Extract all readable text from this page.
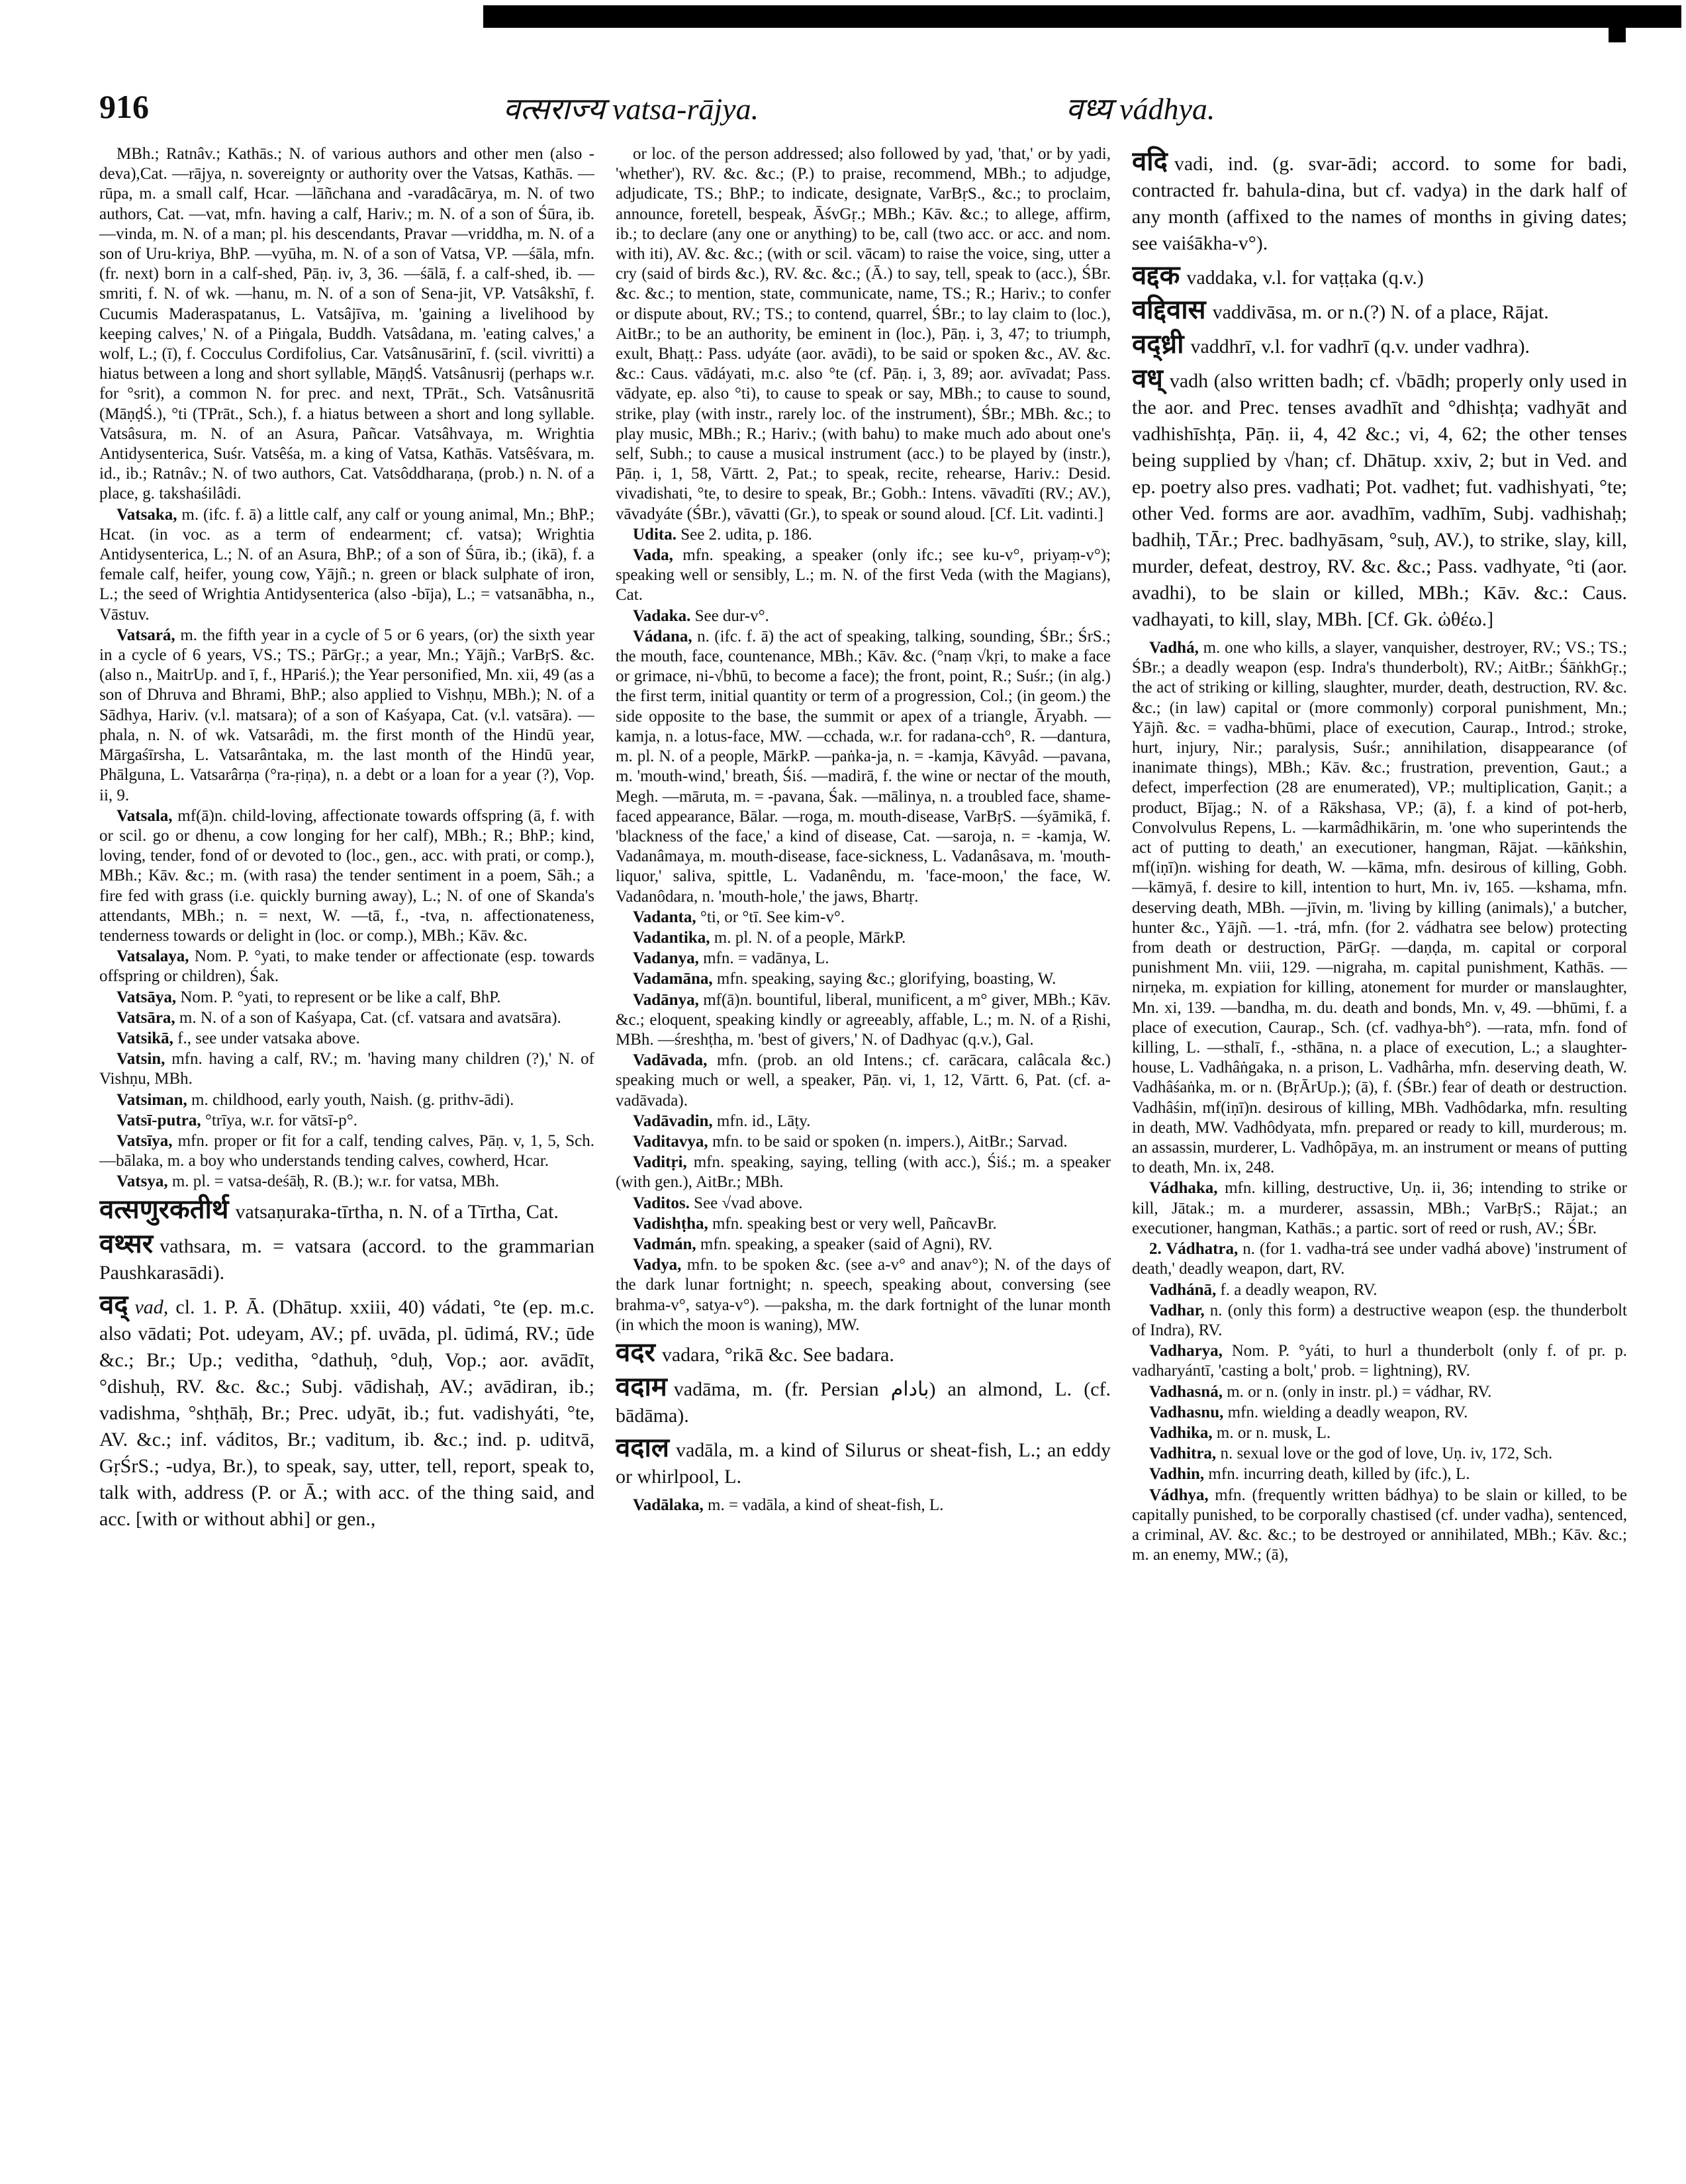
916	वत्सराज्य vatsa-rājya.	वध्य vádhya.
MBh.; Ratnâv.; Kathās.; N. of various authors and other men (also -deva),Cat. —rājya, n. sovereignty or authority over the Vatsas, Kathās. —rūpa, m. a small calf, Hcar. —lāñchana and -varadâcārya, m. N. of two authors, Cat. —vat, mfn. having a calf, Hariv.; m. N. of a son of Śūra, ib. —vinda, m. N. of a man; pl. his descendants, Pravar —vriddha, m. N. of a son of Uru-kriya, BhP. —vyūha, m. N. of a son of Vatsa, VP. —śāla, mfn. (fr. next) born in a calf-shed, Pāṇ. iv, 3, 36. —śālā, f. a calf-shed, ib. —smriti, f. N. of wk. —hanu, m. N. of a son of Sena-jit, VP. Vatsâkshī, f. Cucumis Maderaspatanus, L. Vatsâjīva, m. 'gaining a livelihood by keeping calves,' N. of a Piṅgala, Buddh. Vatsâdana, m. 'eating calves,' a wolf, L.; (ī), f. Cocculus Cordifolius, Car. Vatsânusārinī, f. (scil. vivritti) a hiatus between a long and short syllable, MāṇḍŚ. Vatsânusrij (perhaps w.r. for °srit), a common N. for prec. and next, TPrāt., Sch. Vatsânusritā (MāṇḍŚ.), °ti (TPrāt., Sch.), f. a hiatus between a short and long syllable. Vatsâsura, m. N. of an Asura, Pañcar. Vatsâhvaya, m. Wrightia Antidysenterica, Suśr. Vatsêśa, m. a king of Vatsa, Kathās. Vatsêśvara, m. id., ib.; Ratnâv.; N. of two authors, Cat. Vatsôddharaṇa, (prob.) n. N. of a place, g. takshaśilâdi.
Vatsaka, m. (ifc. f. ā) a little calf, any calf or young animal, Mn.; BhP.; Hcat. (in voc. as a term of endearment; cf. vatsa); Wrightia Antidysenterica, L.; N. of an Asura, BhP.; of a son of Śūra, ib.; (ikā), f. a female calf, heifer, young cow, Yājñ.; n. green or black sulphate of iron, L.; the seed of Wrightia Antidysenterica (also -bīja), L.; = vatsanābha, n., Vāstuv.
Vatsará, m. the fifth year in a cycle of 5 or 6 years, (or) the sixth year in a cycle of 6 years, VS.; TS.; PārGṛ.; a year, Mn.; Yājñ.; VarBṛS. &c. (also n., MaitrUp. and ī, f., HPariś.); the Year personified, Mn. xii, 49 (as a son of Dhruva and Bhrami, BhP.; also applied to Vishṇu, MBh.); N. of a Sādhya, Hariv. (v.l. matsara); of a son of Kaśyapa, Cat. (v.l. vatsāra). —phala, n. N. of wk. Vatsarâdi, m. the first month of the Hindū year, Mārgaśīrsha, L. Vatsarântaka, m. the last month of the Hindū year, Phālguna, L. Vatsarârṇa (°ra-ṛiṇa), n. a debt or a loan for a year (?), Vop. ii, 9.
Vatsala, mf(ā)n. child-loving, affectionate towards offspring (ā, f. with or scil. go or dhenu, a cow longing for her calf), MBh.; R.; BhP.; kind, loving, tender, fond of or devoted to (loc., gen., acc. with prati, or comp.), MBh.; Kāv. &c.; m. (with rasa) the tender sentiment in a poem, Sāh.; a fire fed with grass (i.e. quickly burning away), L.; N. of one of Skanda's attendants, MBh.; n. = next, W. —tā, f., -tva, n. affectionateness, tenderness towards or delight in (loc. or comp.), MBh.; Kāv. &c.
Vatsalaya, Nom. P. °yati, to make tender or affectionate (esp. towards offspring or children), Śak.
Vatsāya, Nom. P. °yati, to represent or be like a calf, BhP.
Vatsāra, m. N. of a son of Kaśyapa, Cat. (cf. vatsara and avatsāra).
Vatsikā, f., see under vatsaka above.
Vatsin, mfn. having a calf, RV.; m. 'having many children (?),' N. of Vishṇu, MBh.
Vatsiman, m. childhood, early youth, Naish. (g. prithv-ādi).
Vatsī-putra, °trīya, w.r. for vātsī-p°.
Vatsīya, mfn. proper or fit for a calf, tending calves, Pāṇ. v, 1, 5, Sch. —bālaka, m. a boy who understands tending calves, cowherd, Hcar.
Vatsya, m. pl. = vatsa-deśāḥ, R. (B.); w.r. for vatsa, MBh.
वत्सणुरकतीर्थ vatsaṇuraka-tīrtha, n. N. of a Tīrtha, Cat.
वथ्सर vathsara, m. = vatsara (accord. to the grammarian Paushkarasādi).
वद् vad, cl. 1. P. Ā. (Dhātup. xxiii, 40) vádati, °te (ep. m.c. also vādati; Pot. udeyam, AV.; pf. uvāda, pl. ūdimá, RV.; ūde &c.; Br.; Up.; veditha, °dathuḥ, °duḥ, Vop.; aor. avādīt, °dishuḥ, RV. &c. &c.; Subj. vādishaḥ, AV.; avādiran, ib.; vadishma, °shṭhāḥ, Br.; Prec. udyāt, ib.; fut. vadishyáti, °te, AV. &c.; inf. váditos, Br.; vaditum, ib. &c.; ind. p. uditvā, GṛŚrS.; -udya, Br.), to speak, say, utter, tell, report, speak to, talk with, address (P. or Ā.; with acc. of the thing said, and acc. [with or without abhi] or gen.,
or loc. of the person addressed; also followed by yad, 'that,' or by yadi, 'whether'), RV. &c. &c.; (P.) to praise, recommend, MBh.; to adjudge, adjudicate, TS.; BhP.; to indicate, designate, VarBṛS., &c.; to proclaim, announce, foretell, bespeak, ĀśvGṛ.; MBh.; Kāv. &c.; to allege, affirm, ib.; to declare (any one or anything) to be, call (two acc. or acc. and nom. with iti), AV. &c. &c.; (with or scil. vācam) to raise the voice, sing, utter a cry (said of birds &c.), RV. &c. &c.; (Ā.) to say, tell, speak to (acc.), ŚBr. &c. &c.; to mention, state, communicate, name, TS.; R.; Hariv.; to confer or dispute about, RV.; TS.; to contend, quarrel, ŚBr.; to lay claim to (loc.), AitBr.; to be an authority, be eminent in (loc.), Pāṇ. i, 3, 47; to triumph, exult, Bhaṭṭ.: Pass. udyáte (aor. avādi), to be said or spoken &c., AV. &c. &c.: Caus. vādáyati, m.c. also °te (cf. Pāṇ. i, 3, 89; aor. avīvadat; Pass. vādyate, ep. also °ti), to cause to speak or say, MBh.; to cause to sound, strike, play (with instr., rarely loc. of the instrument), ŚBr.; MBh. &c.; to play music, MBh.; R.; Hariv.; (with bahu) to make much ado about one's self, Subh.; to cause a musical instrument (acc.) to be played by (instr.), Pāṇ. i, 1, 58, Vārtt. 2, Pat.; to speak, recite, rehearse, Hariv.: Desid. vivadishati, °te, to desire to speak, Br.; Gobh.: Intens. vāvadīti (RV.; AV.), vāvadyáte (ŚBr.), vāvatti (Gr.), to speak or sound aloud. [Cf. Lit. vadinti.]
Udita. See 2. udita, p. 186.
Vada, mfn. speaking, a speaker (only ifc.; see ku-v°, priyaṃ-v°); speaking well or sensibly, L.; m. N. of the first Veda (with the Magians), Cat.
Vadaka. See dur-v°.
Vádana, n. (ifc. f. ā) the act of speaking, talking, sounding, ŚBr.; ŚrS.; the mouth, face, countenance, MBh.; Kāv. &c. (°naṃ √kṛi, to make a face or grimace, ni-√bhū, to become a face); the front, point, R.; Suśr.; (in alg.) the first term, initial quantity or term of a progression, Col.; (in geom.) the side opposite to the base, the summit or apex of a triangle, Āryabh. —kamja, n. a lotus-face, MW. —cchada, w.r. for radana-cch°, R. —dantura, m. pl. N. of a people, MārkP. —paṅka-ja, n. = -kamja, Kāvyâd. —pavana, m. 'mouth-wind,' breath, Śiś. —madirā, f. the wine or nectar of the mouth, Megh. —māruta, m. = -pavana, Śak. —mālinya, n. a troubled face, shame-faced appearance, Bālar. —roga, m. mouth-disease, VarBṛS. —śyāmikā, f. 'blackness of the face,' a kind of disease, Cat. —saroja, n. = -kamja, W. Vadanâmaya, m. mouth-disease, face-sickness, L. Vadanâsava, m. 'mouth-liquor,' saliva, spittle, L. Vadanêndu, m. 'face-moon,' the face, W. Vadanôdara, n. 'mouth-hole,' the jaws, Bhartṛ.
Vadanta, °ti, or °tī. See kim-v°.
Vadantika, m. pl. N. of a people, MārkP.
Vadanya, mfn. = vadānya, L.
Vadamāna, mfn. speaking, saying &c.; glorifying, boasting, W.
Vadānya, mf(ā)n. bountiful, liberal, munificent, a m° giver, MBh.; Kāv. &c.; eloquent, speaking kindly or agreeably, affable, L.; m. N. of a Ṛishi, MBh. —śreshṭha, m. 'best of givers,' N. of Dadhyac (q.v.), Gal.
Vadāvada, mfn. (prob. an old Intens.; cf. carācara, calâcala &c.) speaking much or well, a speaker, Pāṇ. vi, 1, 12, Vārtt. 6, Pat. (cf. a-vadāvada).
Vadāvadin, mfn. id., Lāṭy.
Vaditavya, mfn. to be said or spoken (n. impers.), AitBr.; Sarvad.
Vaditṛi, mfn. speaking, saying, telling (with acc.), Śiś.; m. a speaker (with gen.), AitBr.; MBh.
Vaditos. See √vad above.
Vadishṭha, mfn. speaking best or very well, PañcavBr.
Vadmán, mfn. speaking, a speaker (said of Agni), RV.
Vadya, mfn. to be spoken &c. (see a-v° and anav°); N. of the days of the dark lunar fortnight; n. speech, speaking about, conversing (see brahma-v°, satya-v°). —paksha, m. the dark fortnight of the lunar month (in which the moon is waning), MW.
वदर vadara, °rikā &c. See badara.
वदाम vadāma, m. (fr. Persian بادام) an almond, L. (cf. bādāma).
वदाल vadāla, m. a kind of Silurus or sheat-fish, L.; an eddy or whirlpool, L.
Vadālaka, m. = vadāla, a kind of sheat-fish, L.
वदि vadi, ind. (g. svar-ādi; accord. to some for badi, contracted fr. bahula-dina, but cf. vadya) in the dark half of any month (affixed to the names of months in giving dates; see vaiśākha-v°).
वद्दक vaddaka, v.l. for vaṭṭaka (q.v.)
वद्दिवास vaddivāsa, m. or n.(?) N. of a place, Rājat.
वद्ध्री vaddhrī, v.l. for vadhrī (q.v. under vadhra).
वध् vadh (also written badh; cf. √bādh; properly only used in the aor. and Prec. tenses avadhīt and °dhishṭa; vadhyāt and vadhishīshṭa, Pāṇ. ii, 4, 42 &c.; vi, 4, 62; the other tenses being supplied by √han; cf. Dhātup. xxiv, 2; but in Ved. and ep. poetry also pres. vadhati; Pot. vadhet; fut. vadhishyati, °te; other Ved. forms are aor. avadhīm, vadhīm, Subj. vadhishaḥ; badhiḥ, TĀr.; Prec. badhyāsam, °suḥ, AV.), to strike, slay, kill, murder, defeat, destroy, RV. &c. &c.; Pass. vadhyate, °ti (aor. avadhi), to be slain or killed, MBh.; Kāv. &c.: Caus. vadhayati, to kill, slay, MBh. [Cf. Gk. ὠθέω.]
Vadhá, m. one who kills, a slayer, vanquisher, destroyer, RV.; VS.; TS.; ŚBr.; a deadly weapon (esp. Indra's thunderbolt), RV.; AitBr.; ŚāṅkhGṛ.; the act of striking or killing, slaughter, murder, death, destruction, RV. &c. &c.; (in law) capital or (more commonly) corporal punishment, Mn.; Yājñ. &c. = vadha-bhūmi, place of execution, Caurap., Introd.; stroke, hurt, injury, Nir.; paralysis, Suśr.; annihilation, disappearance (of inanimate things), MBh.; Kāv. &c.; frustration, prevention, Gaut.; a defect, imperfection (28 are enumerated), VP.; multiplication, Gaṇit.; a product, Bījag.; N. of a Rākshasa, VP.; (ā), f. a kind of pot-herb, Convolvulus Repens, L. —karmâdhikārin, m. 'one who superintends the act of putting to death,' an executioner, hangman, Rājat. —kāṅkshin, mf(iṇī)n. wishing for death, W. —kāma, mfn. desirous of killing, Gobh. —kāmyā, f. desire to kill, intention to hurt, Mn. iv, 165. —kshama, mfn. deserving death, MBh. —jīvin, m. 'living by killing (animals),' a butcher, hunter &c., Yājñ. —1. -trá, mfn. (for 2. vádhatra see below) protecting from death or destruction, PārGṛ. —daṇḍa, m. capital or corporal punishment Mn. viii, 129. —nigraha, m. capital punishment, Kathās. —nirṇeka, m. expiation for killing, atonement for murder or manslaughter, Mn. xi, 139. —bandha, m. du. death and bonds, Mn. v, 49. —bhūmi, f. a place of execution, Caurap., Sch. (cf. vadhya-bh°). —rata, mfn. fond of killing, L. —sthalī, f., -sthāna, n. a place of execution, L.; a slaughter-house, L. Vadhâṅgaka, n. a prison, L. Vadhârha, mfn. deserving death, W. Vadhâśaṅka, m. or n. (BṛĀrUp.); (ā), f. (ŚBr.) fear of death or destruction. Vadhâśin, mf(iṇī)n. desirous of killing, MBh. Vadhôdarka, mfn. resulting in death, MW. Vadhôdyata, mfn. prepared or ready to kill, murderous; m. an assassin, murderer, L. Vadhôpāya, m. an instrument or means of putting to death, Mn. ix, 248.
Vádhaka, mfn. killing, destructive, Uṇ. ii, 36; intending to strike or kill, Jātak.; m. a murderer, assassin, MBh.; VarBṛS.; Rājat.; an executioner, hangman, Kathās.; a partic. sort of reed or rush, AV.; ŚBr.
2. Vádhatra, n. (for 1. vadha-trá see under vadhá above) 'instrument of death,' deadly weapon, dart, RV.
Vadhánā, f. a deadly weapon, RV.
Vadhar, n. (only this form) a destructive weapon (esp. the thunderbolt of Indra), RV.
Vadharya, Nom. P. °yáti, to hurl a thunderbolt (only f. of pr. p. vadharyántī, 'casting a bolt,' prob. = lightning), RV.
Vadhasná, m. or n. (only in instr. pl.) = vádhar, RV.
Vadhasnu, mfn. wielding a deadly weapon, RV.
Vadhika, m. or n. musk, L.
Vadhitra, n. sexual love or the god of love, Uṇ. iv, 172, Sch.
Vadhin, mfn. incurring death, killed by (ifc.), L.
Vádhya, mfn. (frequently written bádhya) to be slain or killed, to be capitally punished, to be corporally chastised (cf. under vadha), sentenced, a criminal, AV. &c. &c.; to be destroyed or annihilated, MBh.; Kāv. &c.; m. an enemy, MW.; (ā),
